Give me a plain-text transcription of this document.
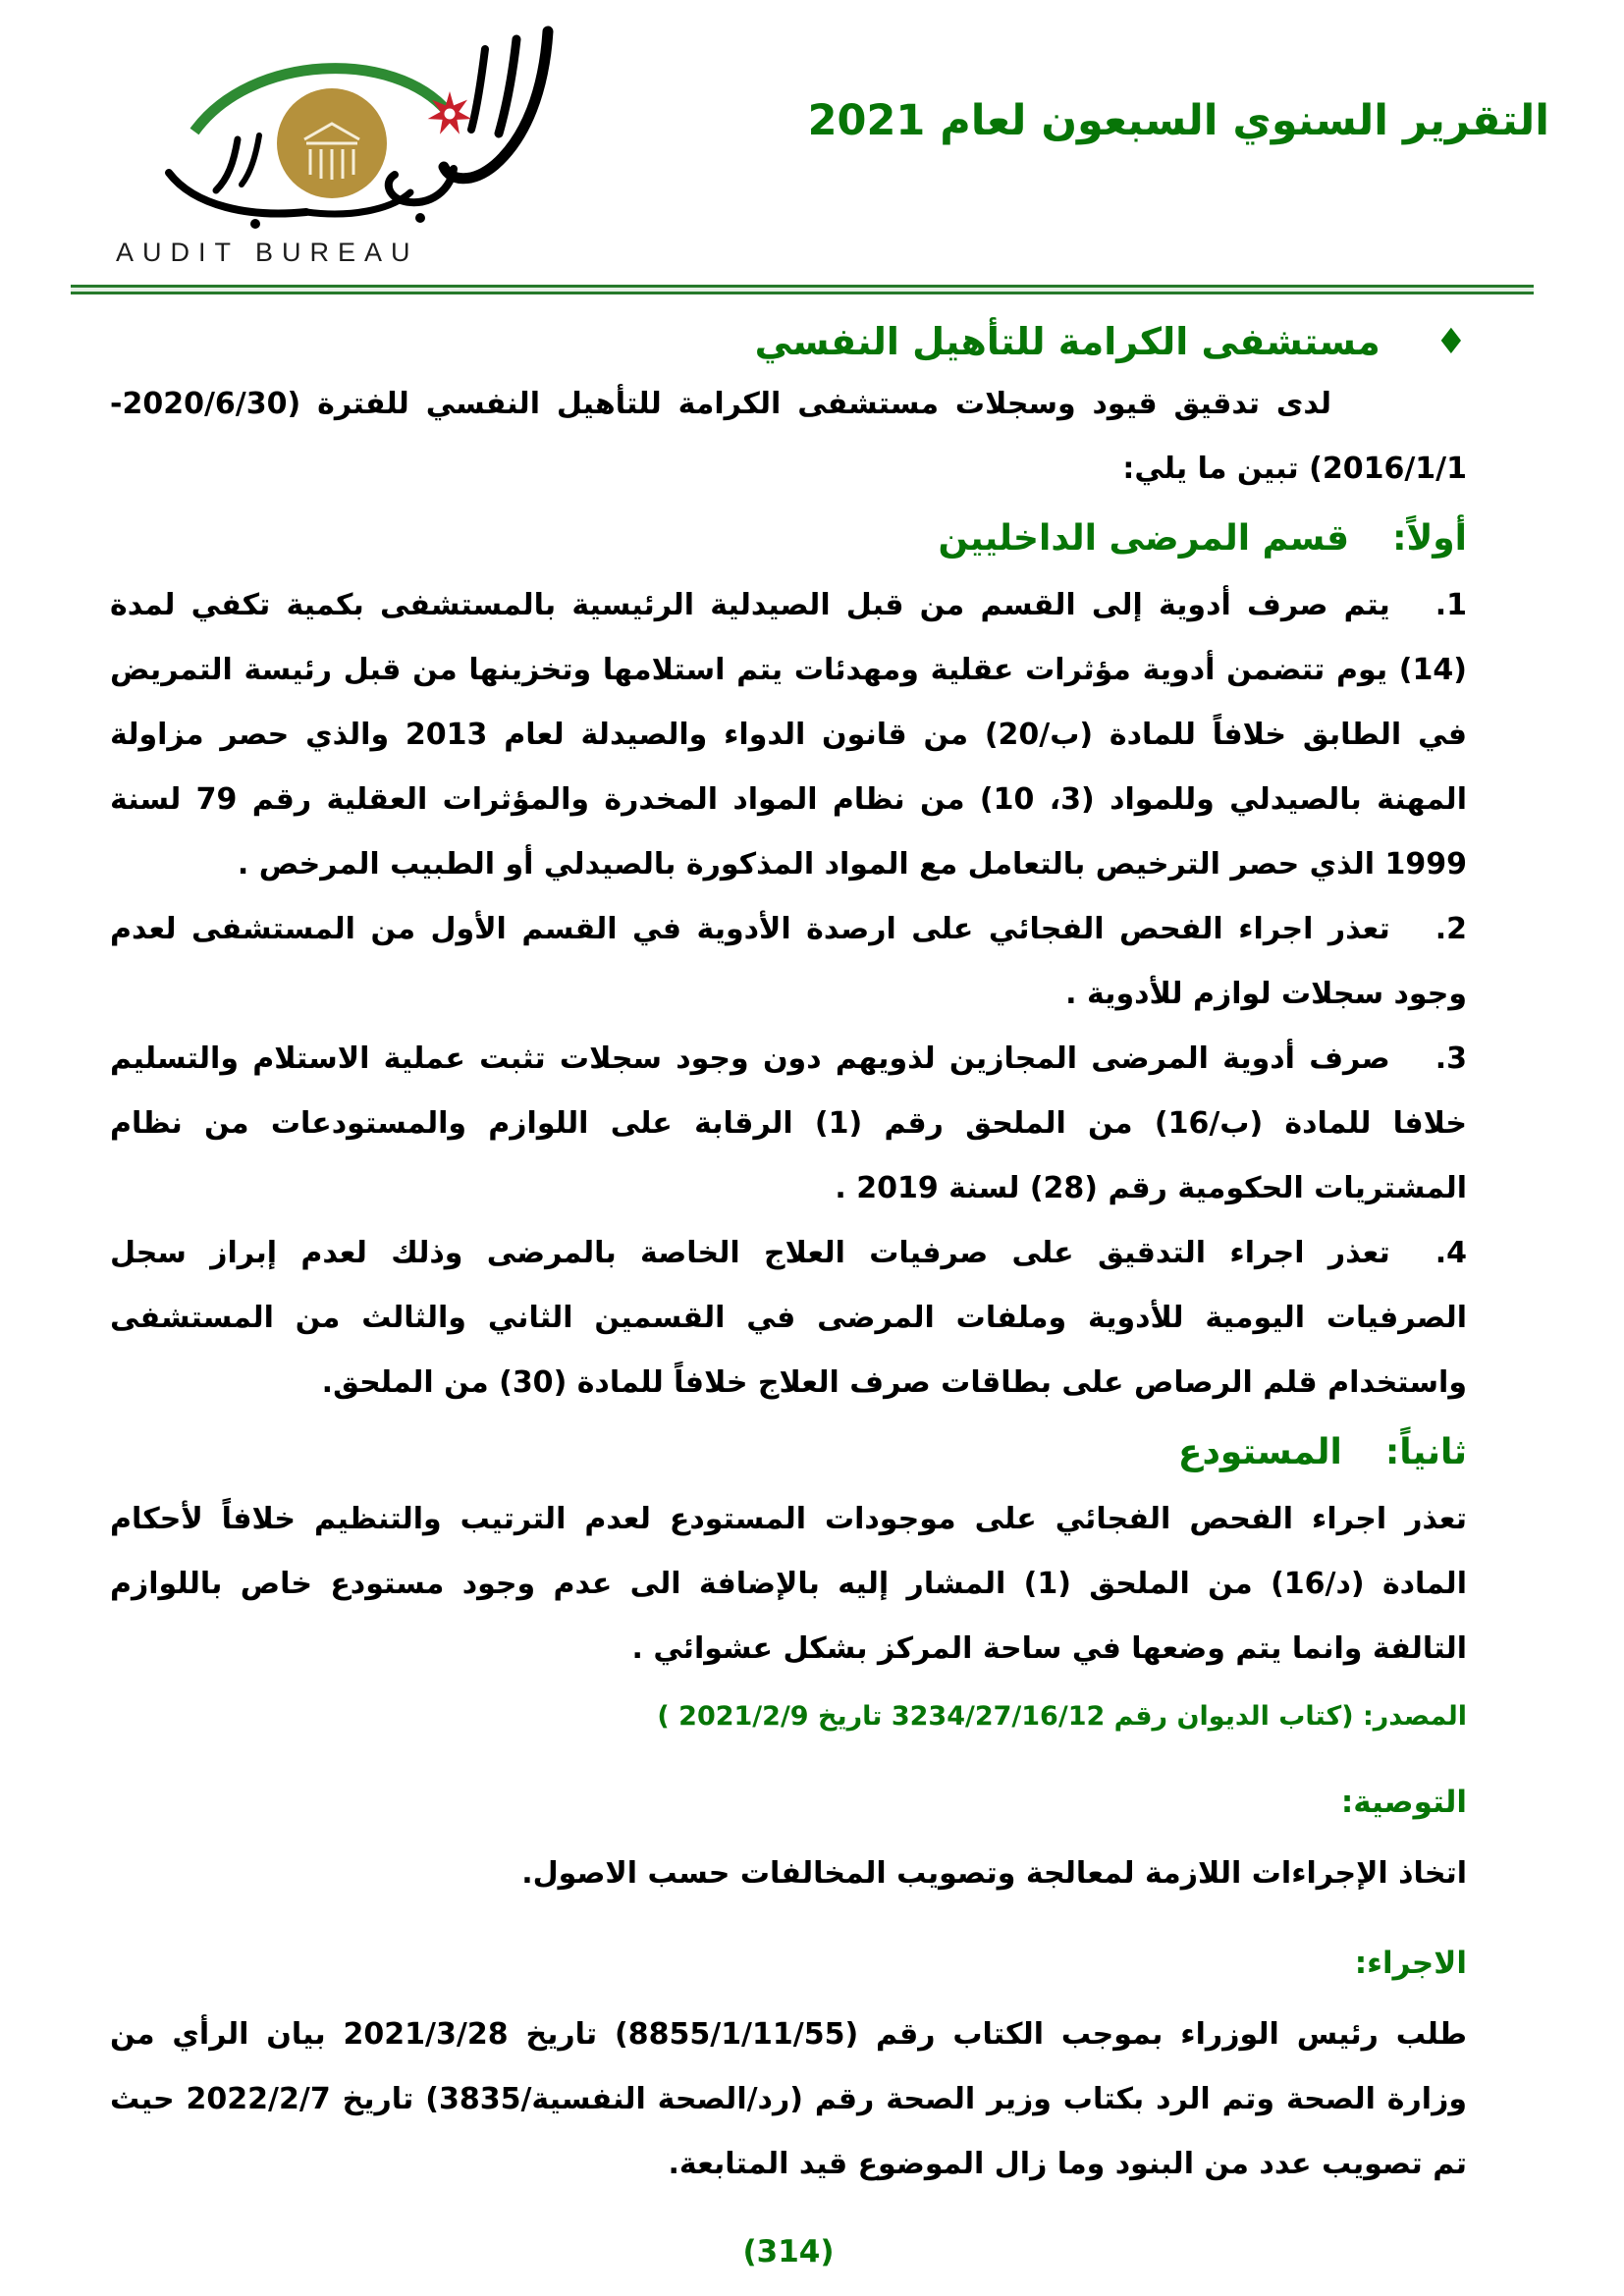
AUDIT BUREAU
التقرير السنوي السبعون لعام 2021
♦
مستشفى الكرامة للتأهيل النفسي

لدى تدقيق قيود وسجلات مستشفى الكرامة للتأهيل النفسي للفترة (2020/6/30-2016/1/1) تبين ما يلي:

أولاً:
قسم المرضى الداخليين

1.يتم صرف أدوية إلى القسم من قبل الصيدلية الرئيسية بالمستشفى بكمية تكفي لمدة (14) يوم تتضمن أدوية مؤثرات عقلية ومهدئات يتم استلامها وتخزينها من قبل رئيسة التمريض في الطابق خلافاً للمادة (ب/20) من قانون الدواء والصيدلة لعام 2013 والذي حصر مزاولة المهنة بالصيدلي وللمواد (3، 10) من نظام المواد المخدرة والمؤثرات العقلية رقم 79 لسنة 1999 الذي حصر الترخيص بالتعامل مع المواد المذكورة بالصيدلي أو الطبيب المرخص .

2.تعذر اجراء الفحص الفجائي على ارصدة الأدوية في القسم الأول من المستشفى لعدم وجود سجلات لوازم للأدوية .

3.صرف أدوية المرضى المجازين لذويهم دون وجود سجلات تثبت عملية الاستلام والتسليم خلافا للمادة (ب/16) من الملحق رقم (1) الرقابة على اللوازم والمستودعات من نظام المشتريات الحكومية رقم (28) لسنة 2019 .

4.تعذر اجراء التدقيق على صرفيات العلاج الخاصة بالمرضى وذلك لعدم إبراز سجل الصرفيات اليومية للأدوية وملفات المرضى في القسمين الثاني والثالث من المستشفى واستخدام قلم الرصاص على بطاقات صرف العلاج خلافاً للمادة (30) من الملحق.

ثانياً:
المستودع

تعذر اجراء الفحص الفجائي على موجودات المستودع لعدم الترتيب والتنظيم خلافاً لأحكام المادة (د/16) من الملحق (1) المشار إليه بالإضافة الى عدم وجود مستودع خاص باللوازم التالفة وانما يتم وضعها في ساحة المركز بشكل عشوائي .

المصدر: (كتاب الديوان رقم 3234/27/16/12 تاريخ 2021/2/9 )

التوصية:

اتخاذ الإجراءات اللازمة لمعالجة وتصويب المخالفات حسب الاصول.

الاجراء:

طلب رئيس الوزراء بموجب الكتاب رقم (8855/1/11/55) تاريخ 2021/3/28 بيان الرأي من وزارة الصحة وتم الرد بكتاب وزير الصحة رقم (رد/الصحة النفسية/3835) تاريخ 2022/2/7 حيث تم تصويب عدد من البنود وما زال الموضوع قيد المتابعة.

(314)
